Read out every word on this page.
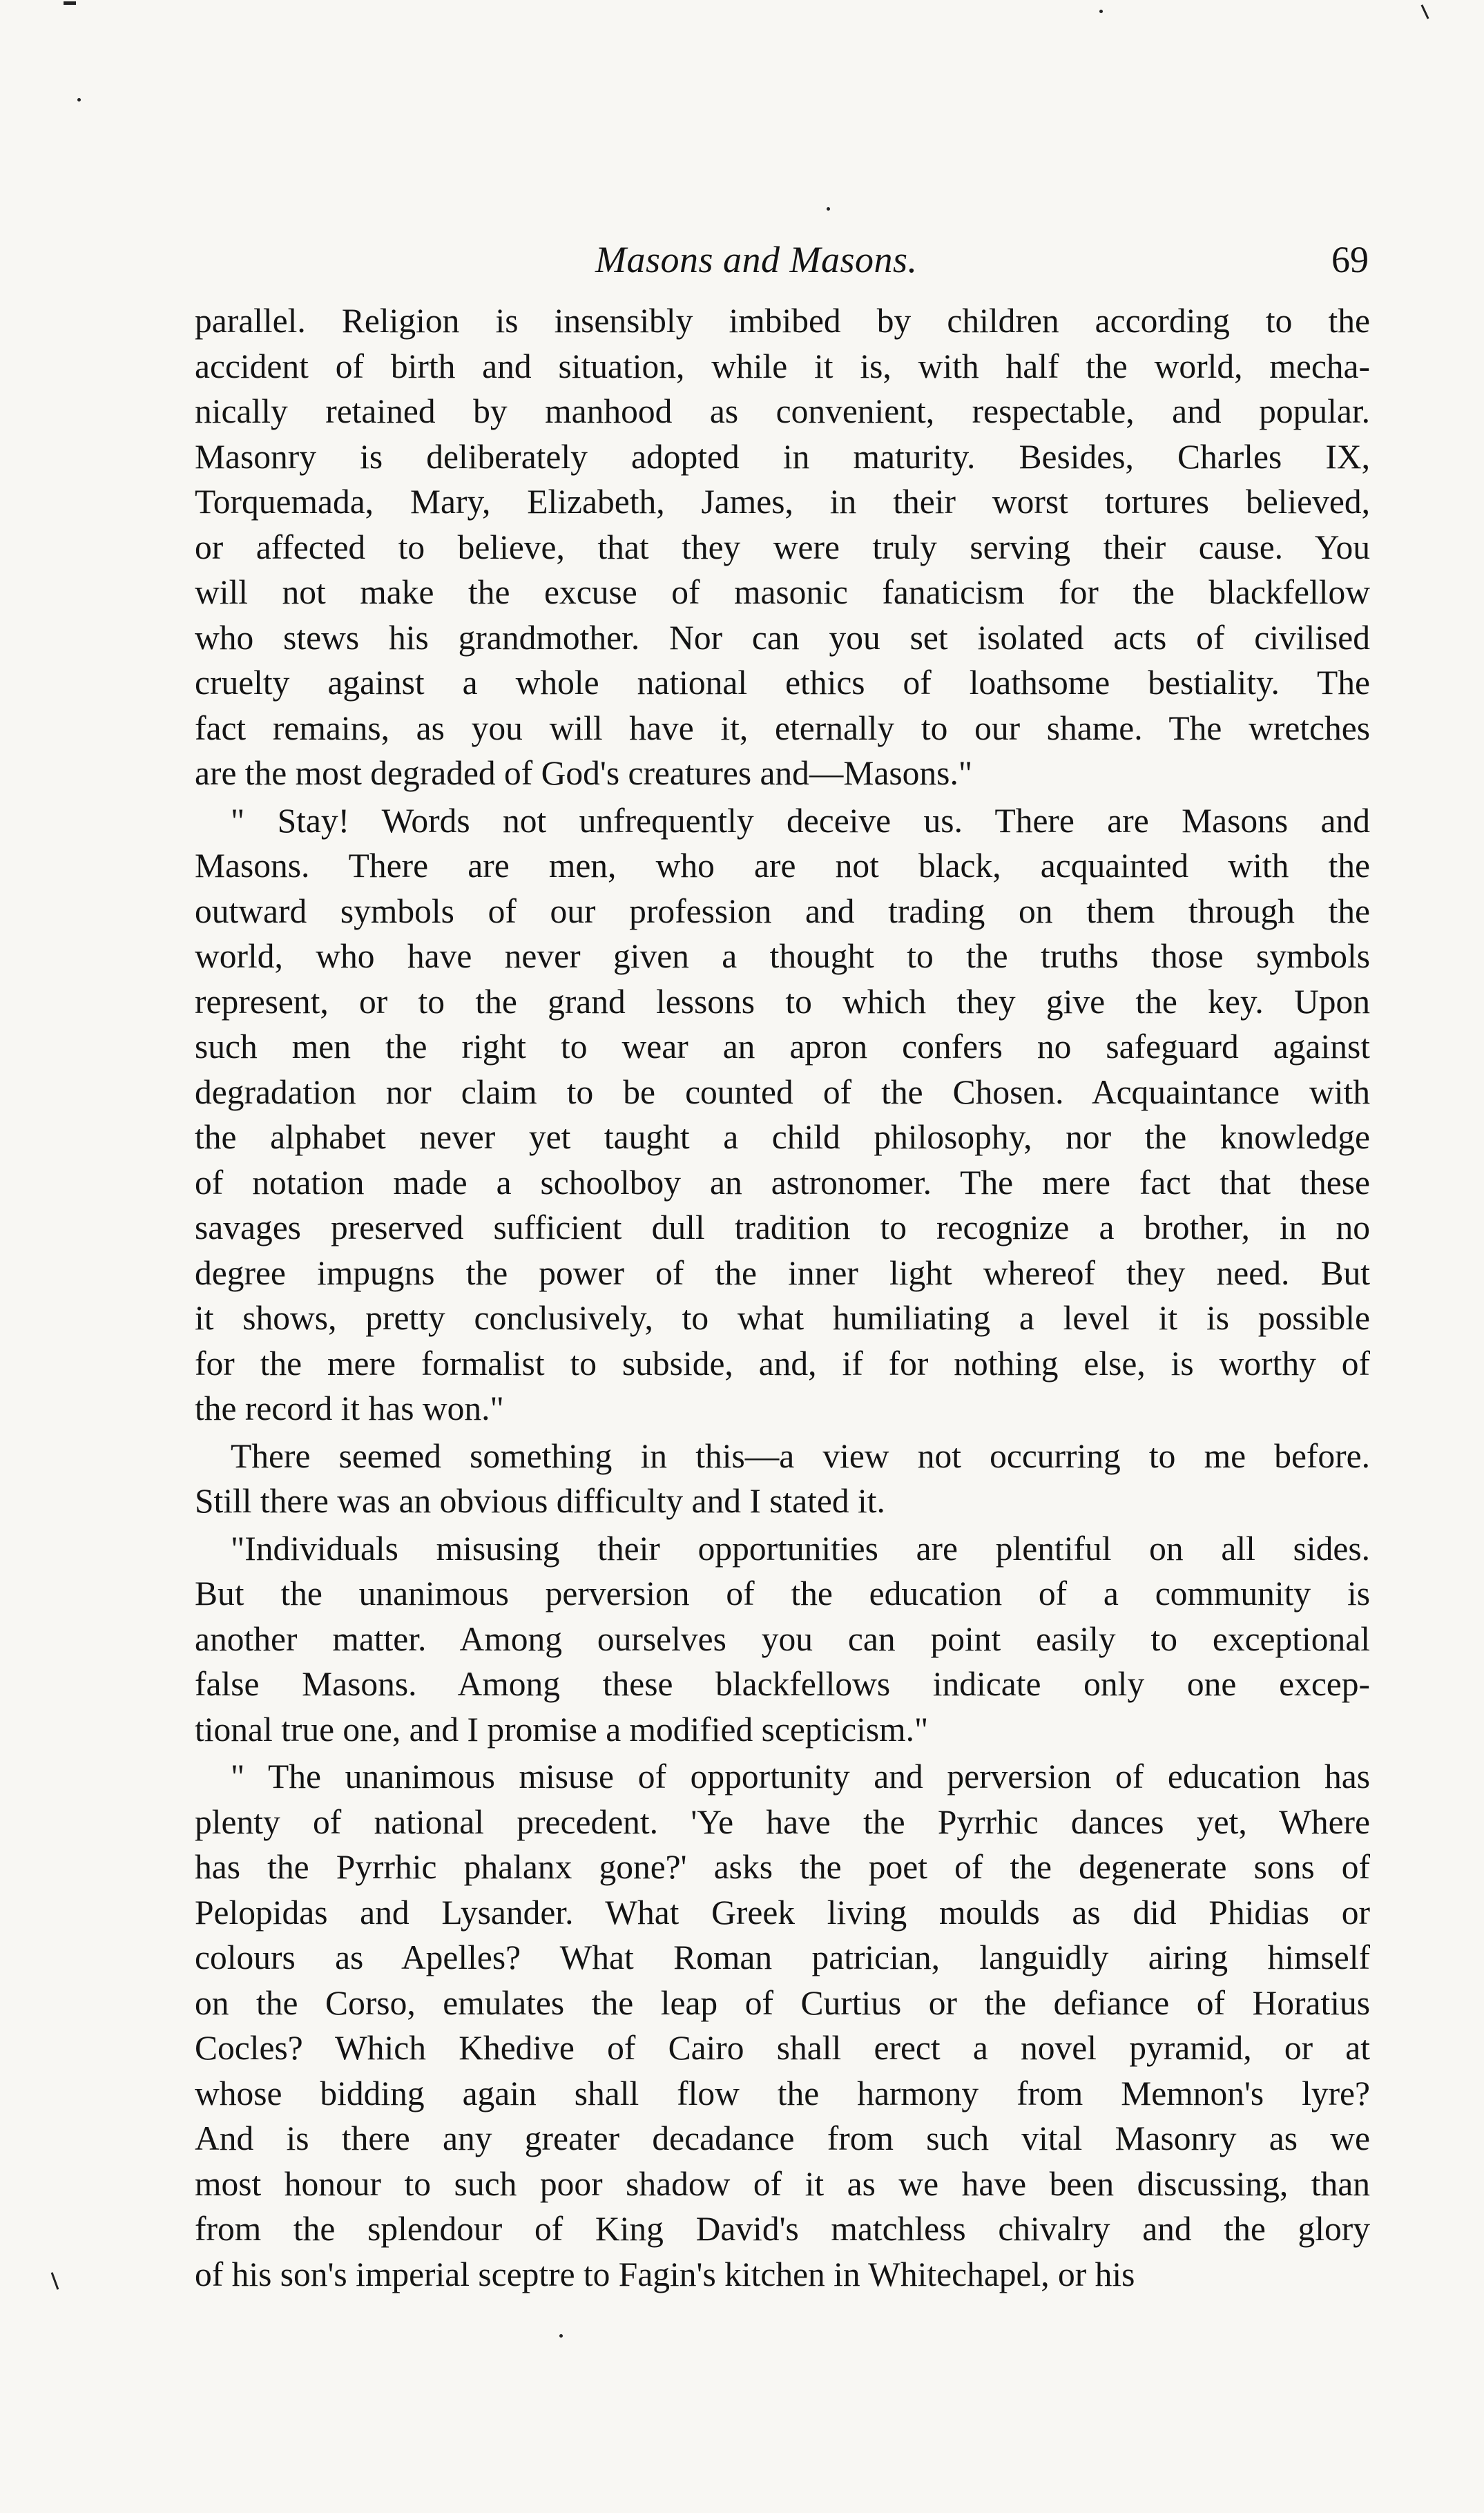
Masons and Masons.	69
parallel. Religion is insensibly imbibed by children according to the
accident of birth and situation, while it is, with half the world, mecha-
nically retained by manhood as convenient, respectable, and popular.
Masonry is deliberately adopted in maturity. Besides, Charles IX,
Torquemada, Mary, Elizabeth, James, in their worst tortures believed,
or affected to believe, that they were truly serving their cause. You
will not make the excuse of masonic fanaticism for the blackfellow
who stews his grandmother. Nor can you set isolated acts of civilised
cruelty against a whole national ethics of loathsome bestiality. The
fact remains, as you will have it, eternally to our shame. The wretches
are the most degraded of God's creatures and—Masons."
" Stay! Words not unfrequently deceive us. There are Masons and
Masons. There are men, who are not black, acquainted with the
outward symbols of our profession and trading on them through the
world, who have never given a thought to the truths those symbols
represent, or to the grand lessons to which they give the key. Upon
such men the right to wear an apron confers no safeguard against
degradation nor claim to be counted of the Chosen. Acquaintance with
the alphabet never yet taught a child philosophy, nor the knowledge
of notation made a schoolboy an astronomer. The mere fact that these
savages preserved sufficient dull tradition to recognize a brother, in no
degree impugns the power of the inner light whereof they need. But
it shows, pretty conclusively, to what humiliating a level it is possible
for the mere formalist to subside, and, if for nothing else, is worthy of
the record it has won."
There seemed something in this—a view not occurring to me before.
Still there was an obvious difficulty and I stated it.
"Individuals misusing their opportunities are plentiful on all sides.
But the unanimous perversion of the education of a community is
another matter. Among ourselves you can point easily to exceptional
false Masons. Among these blackfellows indicate only one excep-
tional true one, and I promise a modified scepticism."
" The unanimous misuse of opportunity and perversion of education has
plenty of national precedent. 'Ye have the Pyrrhic dances yet, Where
has the Pyrrhic phalanx gone?' asks the poet of the degenerate sons of
Pelopidas and Lysander. What Greek living moulds as did Phidias or
colours as Apelles? What Roman patrician, languidly airing himself
on the Corso, emulates the leap of Curtius or the defiance of Horatius
Cocles? Which Khedive of Cairo shall erect a novel pyramid, or at
whose bidding again shall flow the harmony from Memnon's lyre?
And is there any greater decadance from such vital Masonry as we
most honour to such poor shadow of it as we have been discussing, than
from the splendour of King David's matchless chivalry and the glory
of his son's imperial sceptre to Fagin's kitchen in Whitechapel, or his
